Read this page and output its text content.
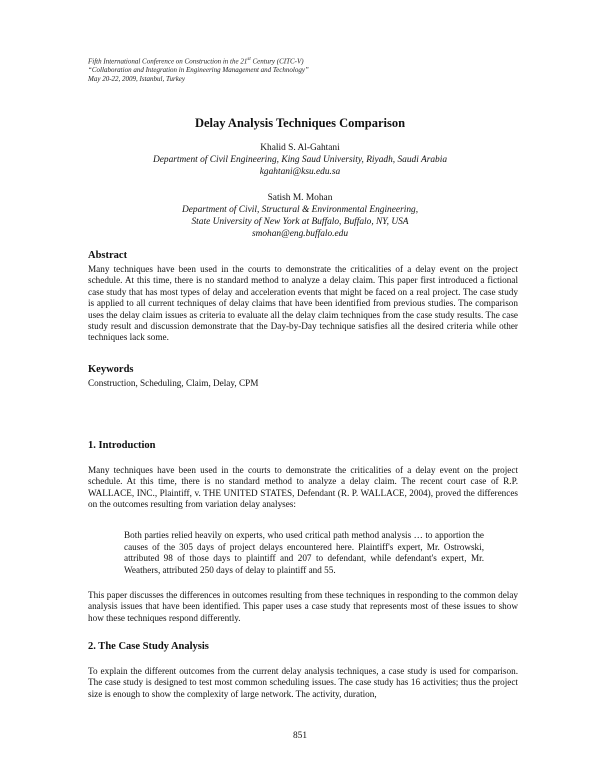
Fifth International Conference on Construction in the 21st Century (CITC-V)
“Collaboration and Integration in Engineering Management and Technology”
May 20-22, 2009, Istanbul, Turkey
Delay Analysis Techniques Comparison
Khalid S. Al-Gahtani
Department of Civil Engineering, King Saud University, Riyadh, Saudi Arabia
kgahtani@ksu.edu.sa
Satish M. Mohan
Department of Civil, Structural & Environmental Engineering,
State University of New York at Buffalo, Buffalo, NY, USA
smohan@eng.buffalo.edu
Abstract
Many techniques have been used in the courts to demonstrate the criticalities of a delay event on the project schedule. At this time, there is no standard method to analyze a delay claim. This paper first introduced a fictional case study that has most types of delay and acceleration events that might be faced on a real project. The case study is applied to all current techniques of delay claims that have been identified from previous studies. The comparison uses the delay claim issues as criteria to evaluate all the delay claim techniques from the case study results. The case study result and discussion demonstrate that the Day-by-Day technique satisfies all the desired criteria while other techniques lack some.
Keywords
Construction, Scheduling, Claim, Delay, CPM
1. Introduction
Many techniques have been used in the courts to demonstrate the criticalities of a delay event on the project schedule. At this time, there is no standard method to analyze a delay claim. The recent court case of R.P. WALLACE, INC., Plaintiff, v. THE UNITED STATES, Defendant (R. P. WALLACE, 2004), proved the differences on the outcomes resulting from variation delay analyses:
Both parties relied heavily on experts, who used critical path method analysis … to apportion the causes of the 305 days of project delays encountered here. Plaintiff's expert, Mr. Ostrowski, attributed 98 of those days to plaintiff and 207 to defendant, while defendant's expert, Mr. Weathers, attributed 250 days of delay to plaintiff and 55.
This paper discusses the differences in outcomes resulting from these techniques in responding to the common delay analysis issues that have been identified. This paper uses a case study that represents most of these issues to show how these techniques respond differently.
2. The Case Study Analysis
To explain the different outcomes from the current delay analysis techniques, a case study is used for comparison. The case study is designed to test most common scheduling issues. The case study has 16 activities; thus the project size is enough to show the complexity of large network. The activity, duration,
851
